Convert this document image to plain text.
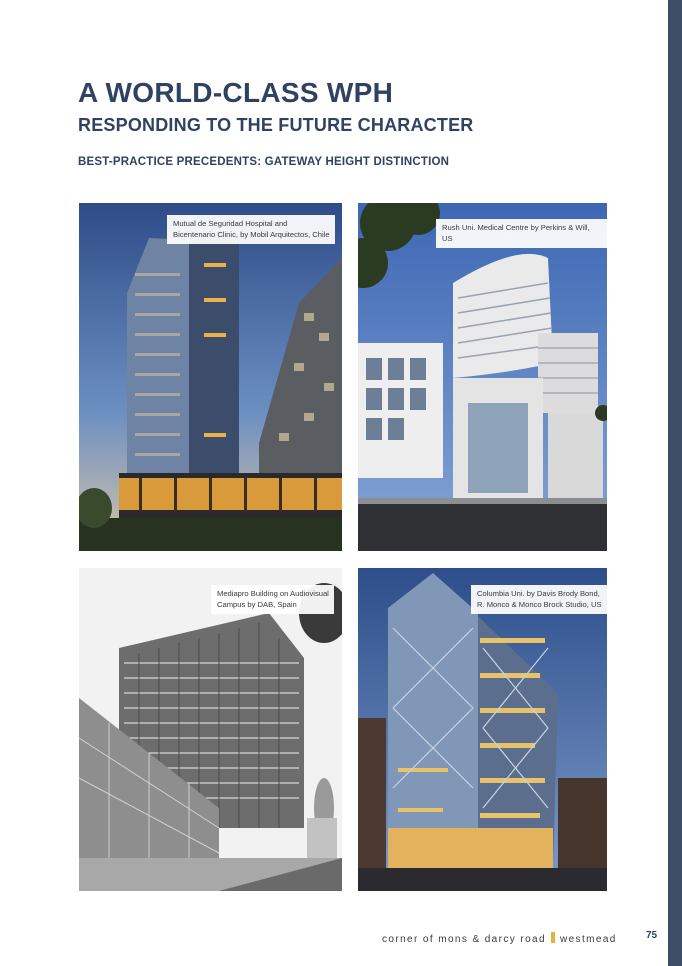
A WORLD-CLASS WPH
RESPONDING TO THE FUTURE CHARACTER
BEST-PRACTICE PRECEDENTS: GATEWAY HEIGHT DISTINCTION
Mutual de Seguridad Hospital and
Bicentenario Clinic, by Mobil Arquitectos, Chile
Rush Uni. Medical Centre by Perkins & Will, US
Mediapro Building on Audiovisual
Campus by DAB, Spain
Columbia Uni. by Davis Brody Bond,
R. Monco & Monco Brock Studio, US
corner of mons & darcy road westmead	75
